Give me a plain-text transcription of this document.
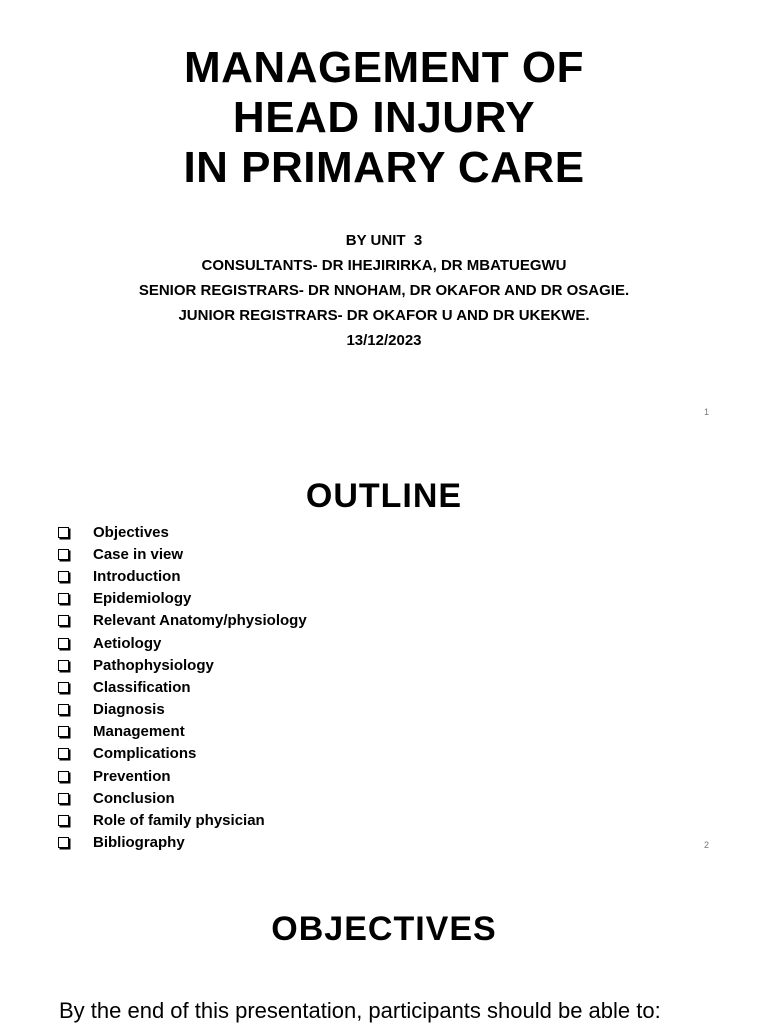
MANAGEMENT OF
HEAD INJURY
IN PRIMARY CARE
BY UNIT  3
CONSULTANTS- DR IHEJIRIRKA, DR MBATUEGWU
SENIOR REGISTRARS- DR NNOHAM, DR OKAFOR AND DR OSAGIE.
JUNIOR REGISTRARS- DR OKAFOR U AND DR UKEKWE.
13/12/2023
1
OUTLINE
Objectives
Case in view
Introduction
Epidemiology
Relevant Anatomy/physiology
Aetiology
Pathophysiology
Classification
Diagnosis
Management
Complications
Prevention
Conclusion
Role of family physician
Bibliography	2
OBJECTIVES

By the end of this presentation, participants should be able to:
